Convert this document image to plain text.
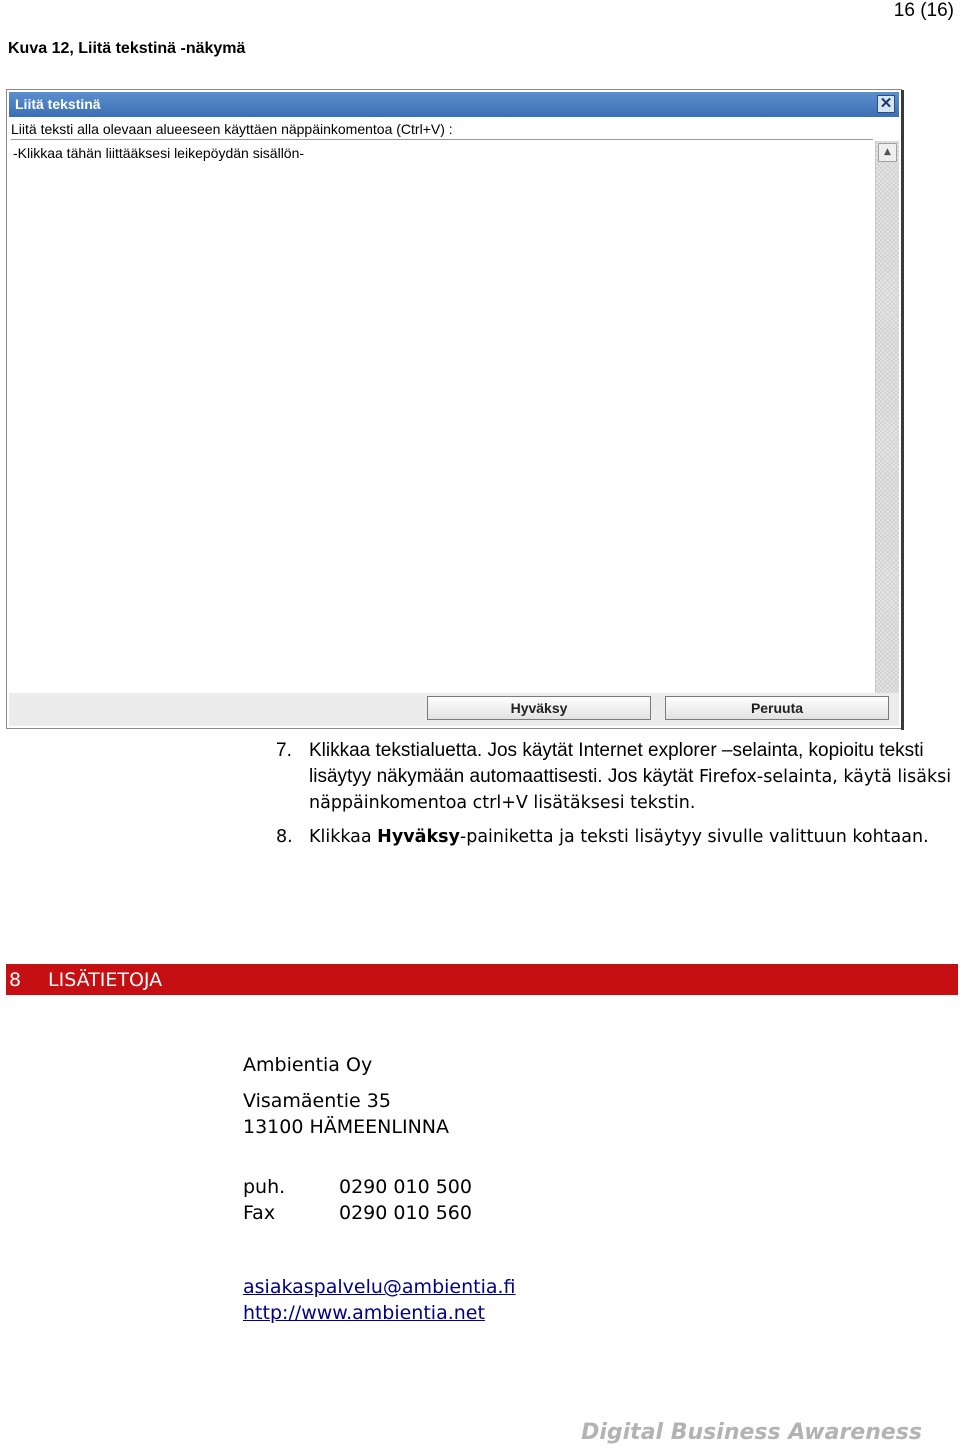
16 (16)
Kuva 12, Liitä tekstinä -näkymä
Liitä tekstinä	✕
Liitä teksti alla olevaan alueeseen käyttäen näppäinkomentoa (Ctrl+V) :
-Klikkaa tähän liittääksesi leikepöydän sisällön-
▲
Hyväksy	Peruuta
7. Klikkaa tekstialuetta. Jos käytät Internet explorer –selainta, kopioitu teksti lisäytyy näkymään automaattisesti. Jos käytät Firefox-selainta, käytä lisäksi näppäinkomentoa ctrl+V lisätäksesi tekstin.
8. Klikkaa Hyväksy-painiketta ja teksti lisäytyy sivulle valittuun kohtaan.
8 LISÄTIETOJA
Ambientia Oy
Visamäentie 35
13100 HÄMEENLINNA
puh.	0290 010 500
Fax	0290 010 560
asiakaspalvelu@ambientia.fi
http://www.ambientia.net
Digital Business Awareness
